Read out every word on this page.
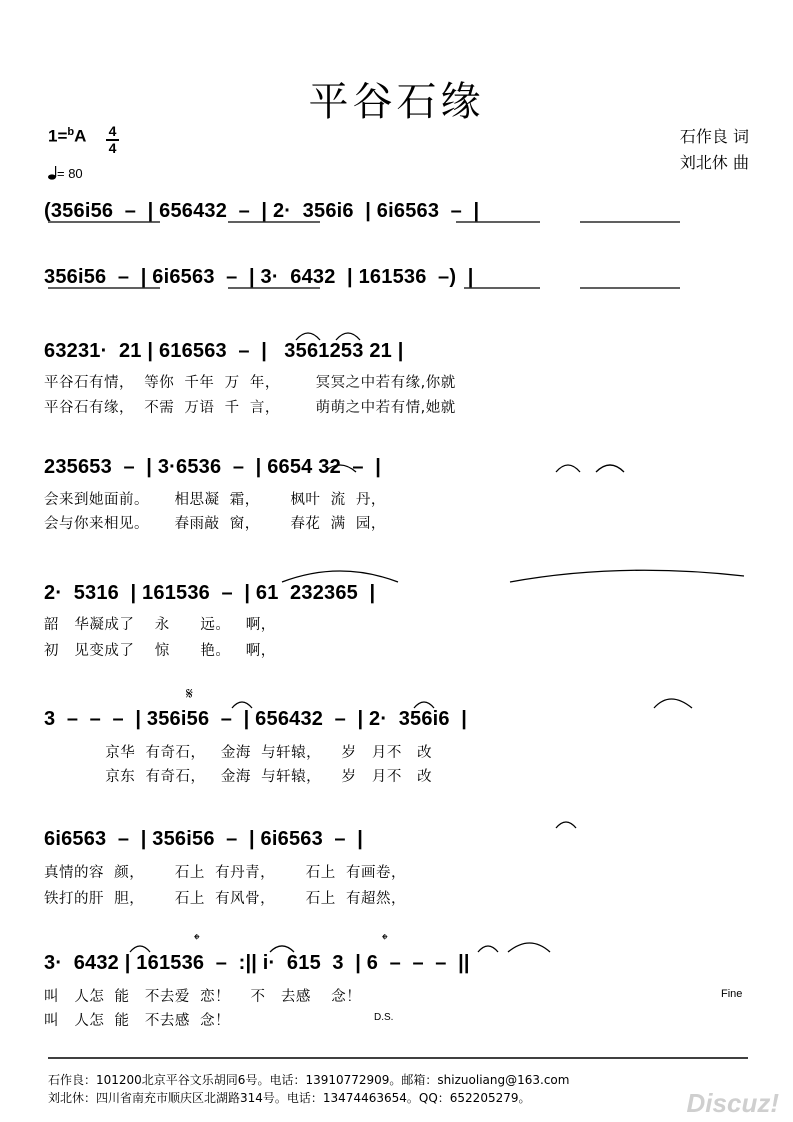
平谷石缘
1=$^b$A 4
4
= 80
石作良 词
刘北休 曲
(356i56  –  | 656432  –  | 2·  356i6  | 6i6563  –  |
356i56  –  | 6i6563  –  | 3·  6432  | 161536  –)  |
63231·  21 | 616563  –  |   3561253 21 |
平谷石有情，  等你  千年  万  年，       冥冥之中若有缘,你就
平谷石有缘，  不需  万语  千  言，       萌萌之中若有情,她就
235653  –  | 3·6536  –  | 6654 32  –  |
会来到她面前。     相思凝  霜，      枫叶  流  丹，
会与你来相见。     春雨敲  窗，      春花  满  园，
2·  5316  | 161536  –  | 61  232365  |
韶   华凝成了    永      远。   啊，
初   见变成了    惊      艳。   啊，
3  –  –  –  | 356i56  –  | 656432  –  | 2·  356i6  |
京华  有奇石，   金海  与轩辕，    岁   月不   改
京东  有奇石，   金海  与轩辕，    岁   月不   改
6i6563  –  | 356i56  –  | 6i6563  –  |
真情的容  颜，      石上  有丹青，      石上  有画卷，
铁打的肝  胆，      石上  有风骨，      石上  有超然，
3·  6432 | 161536  –  :|| i·  615  3  | 6  –  –  –  ||
叫   人怎  能   不去爱  恋！    不   去感    念！
叫   人怎  能   不去感  念！
𝄋
𝄌	𝄌
Fine
D.S.
石作良：101200北京平谷文乐胡同6号。电话：13910772909。邮箱：shizuoliang@163.com
刘北休：四川省南充市顺庆区北湖路314号。电话：13474463654。QQ：652205279。	Discuz!
